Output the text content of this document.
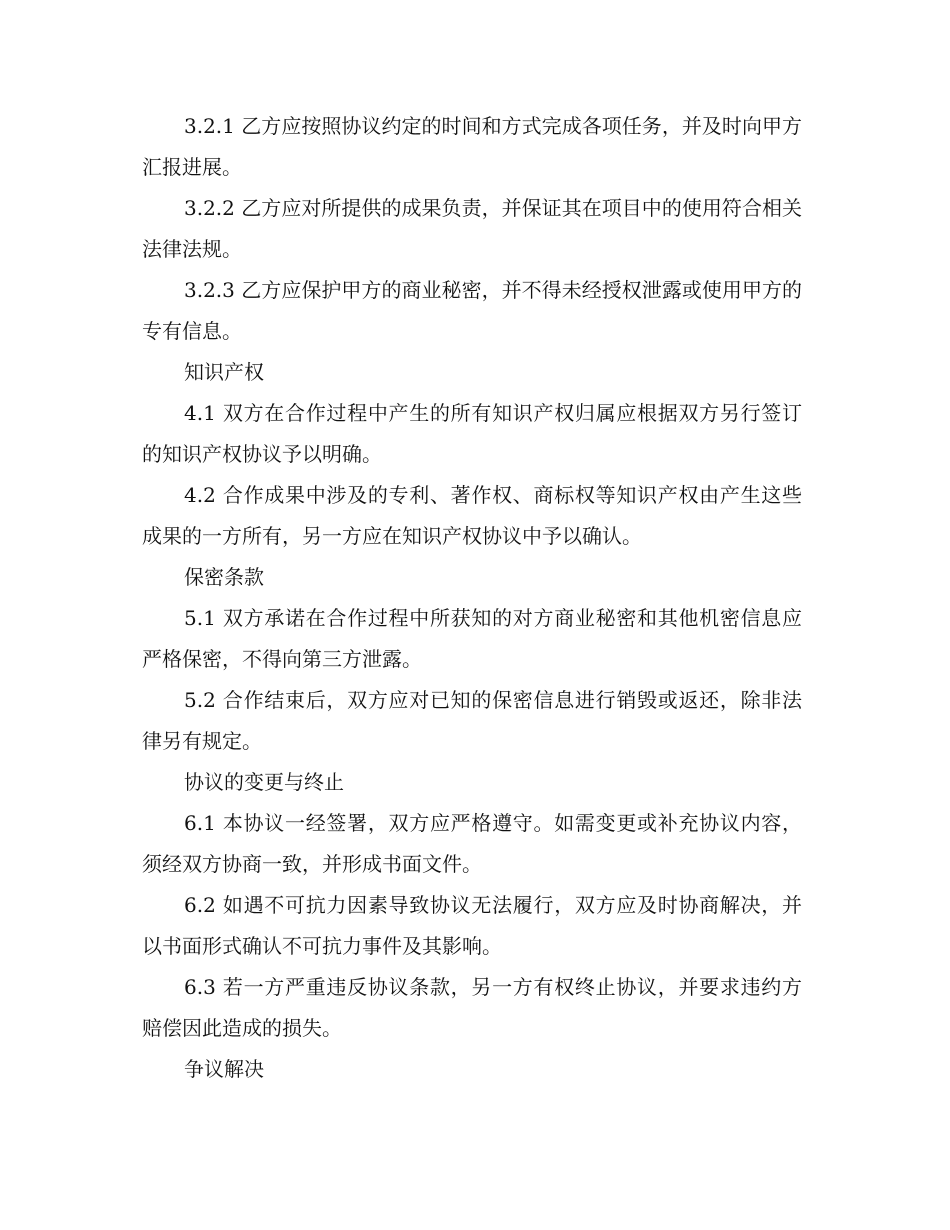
3.2.1 乙方应按照协议约定的时间和方式完成各项任务，并及时向甲方汇报进展。

3.2.2 乙方应对所提供的成果负责，并保证其在项目中的使用符合相关法律法规。

3.2.3 乙方应保护甲方的商业秘密，并不得未经授权泄露或使用甲方的专有信息。

知识产权

4.1 双方在合作过程中产生的所有知识产权归属应根据双方另行签订的知识产权协议予以明确。

4.2 合作成果中涉及的专利、著作权、商标权等知识产权由产生这些成果的一方所有，另一方应在知识产权协议中予以确认。

保密条款

5.1 双方承诺在合作过程中所获知的对方商业秘密和其他机密信息应严格保密，不得向第三方泄露。

5.2 合作结束后，双方应对已知的保密信息进行销毁或返还，除非法律另有规定。

协议的变更与终止

6.1 本协议一经签署，双方应严格遵守。如需变更或补充协议内容，须经双方协商一致，并形成书面文件。

6.2 如遇不可抗力因素导致协议无法履行，双方应及时协商解决，并以书面形式确认不可抗力事件及其影响。

6.3 若一方严重违反协议条款，另一方有权终止协议，并要求违约方赔偿因此造成的损失。

争议解决
